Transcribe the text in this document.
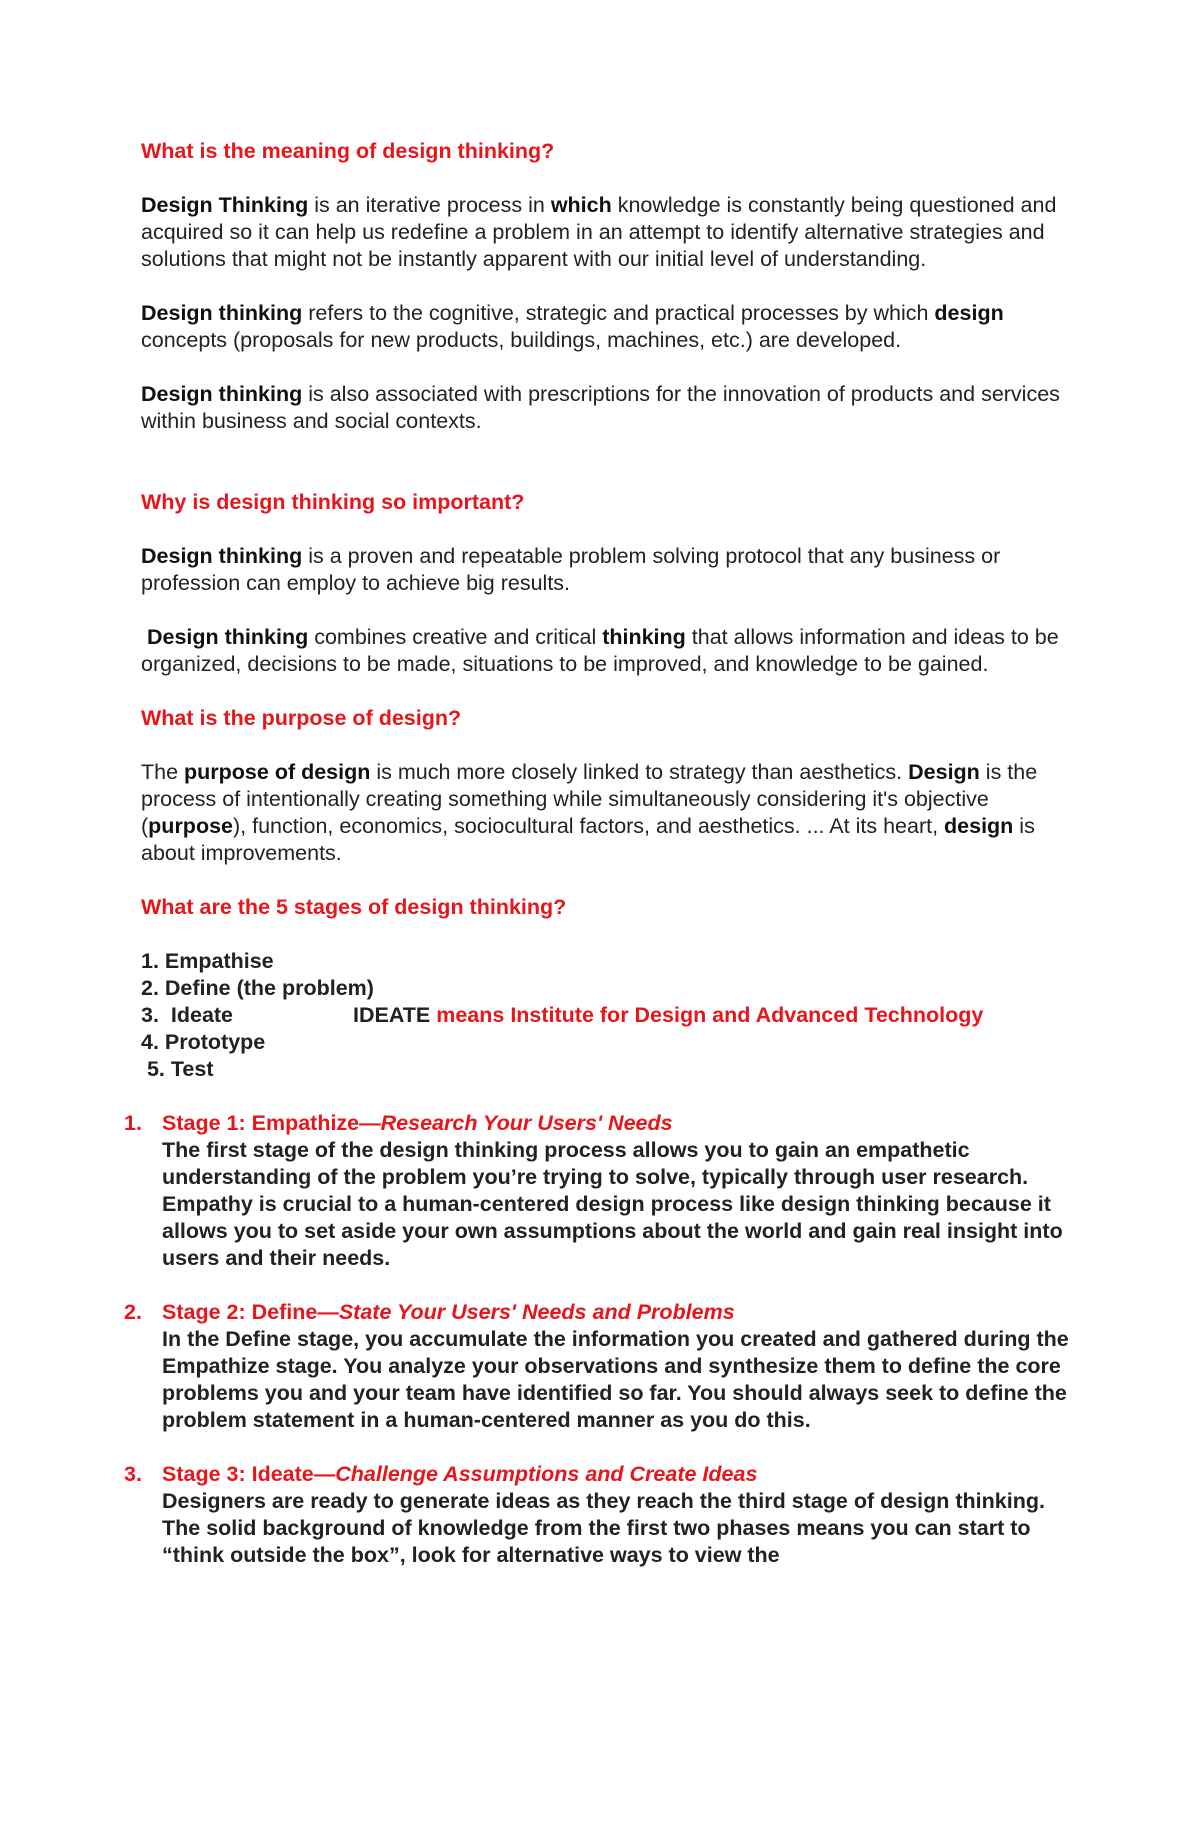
What is the meaning of design thinking?

Design Thinking is an iterative process in which knowledge is constantly being questioned and acquired so it can help us redefine a problem in an attempt to identify alternative strategies and solutions that might not be instantly apparent with our initial level of understanding.

Design thinking refers to the cognitive, strategic and practical processes by which design concepts (proposals for new products, buildings, machines, etc.) are developed.

Design thinking is also associated with prescriptions for the innovation of products and services within business and social contexts.

Why is design thinking so important?

Design thinking is a proven and repeatable problem solving protocol that any business or profession can employ to achieve big results.

Design thinking combines creative and critical thinking that allows information and ideas to be organized, decisions to be made, situations to be improved, and knowledge to be gained.

What is the purpose of design?

The purpose of design is much more closely linked to strategy than aesthetics. Design is the process of intentionally creating something while simultaneously considering it's objective (purpose), function, economics, sociocultural factors, and aesthetics. ... At its heart, design is about improvements.

What are the 5 stages of design thinking?

1. Empathise
2. Define (the problem)
3.  Ideate	IDEATE means Institute for Design and Advanced Technology
4. Prototype
5. Test
1. Stage 1: Empathize—Research Your Users' Needs
The first stage of the design thinking process allows you to gain an empathetic understanding of the problem you’re trying to solve, typically through user research. Empathy is crucial to a human-centered design process like design thinking because it allows you to set aside your own assumptions about the world and gain real insight into users and their needs.
2. Stage 2: Define—State Your Users' Needs and Problems
In the Define stage, you accumulate the information you created and gathered during the Empathize stage. You analyze your observations and synthesize them to define the core problems you and your team have identified so far. You should always seek to define the problem statement in a human-centered manner as you do this.
3. Stage 3: Ideate—Challenge Assumptions and Create Ideas
Designers are ready to generate ideas as they reach the third stage of design thinking. The solid background of knowledge from the first two phases means you can start to “think outside the box”, look for alternative ways to view the
